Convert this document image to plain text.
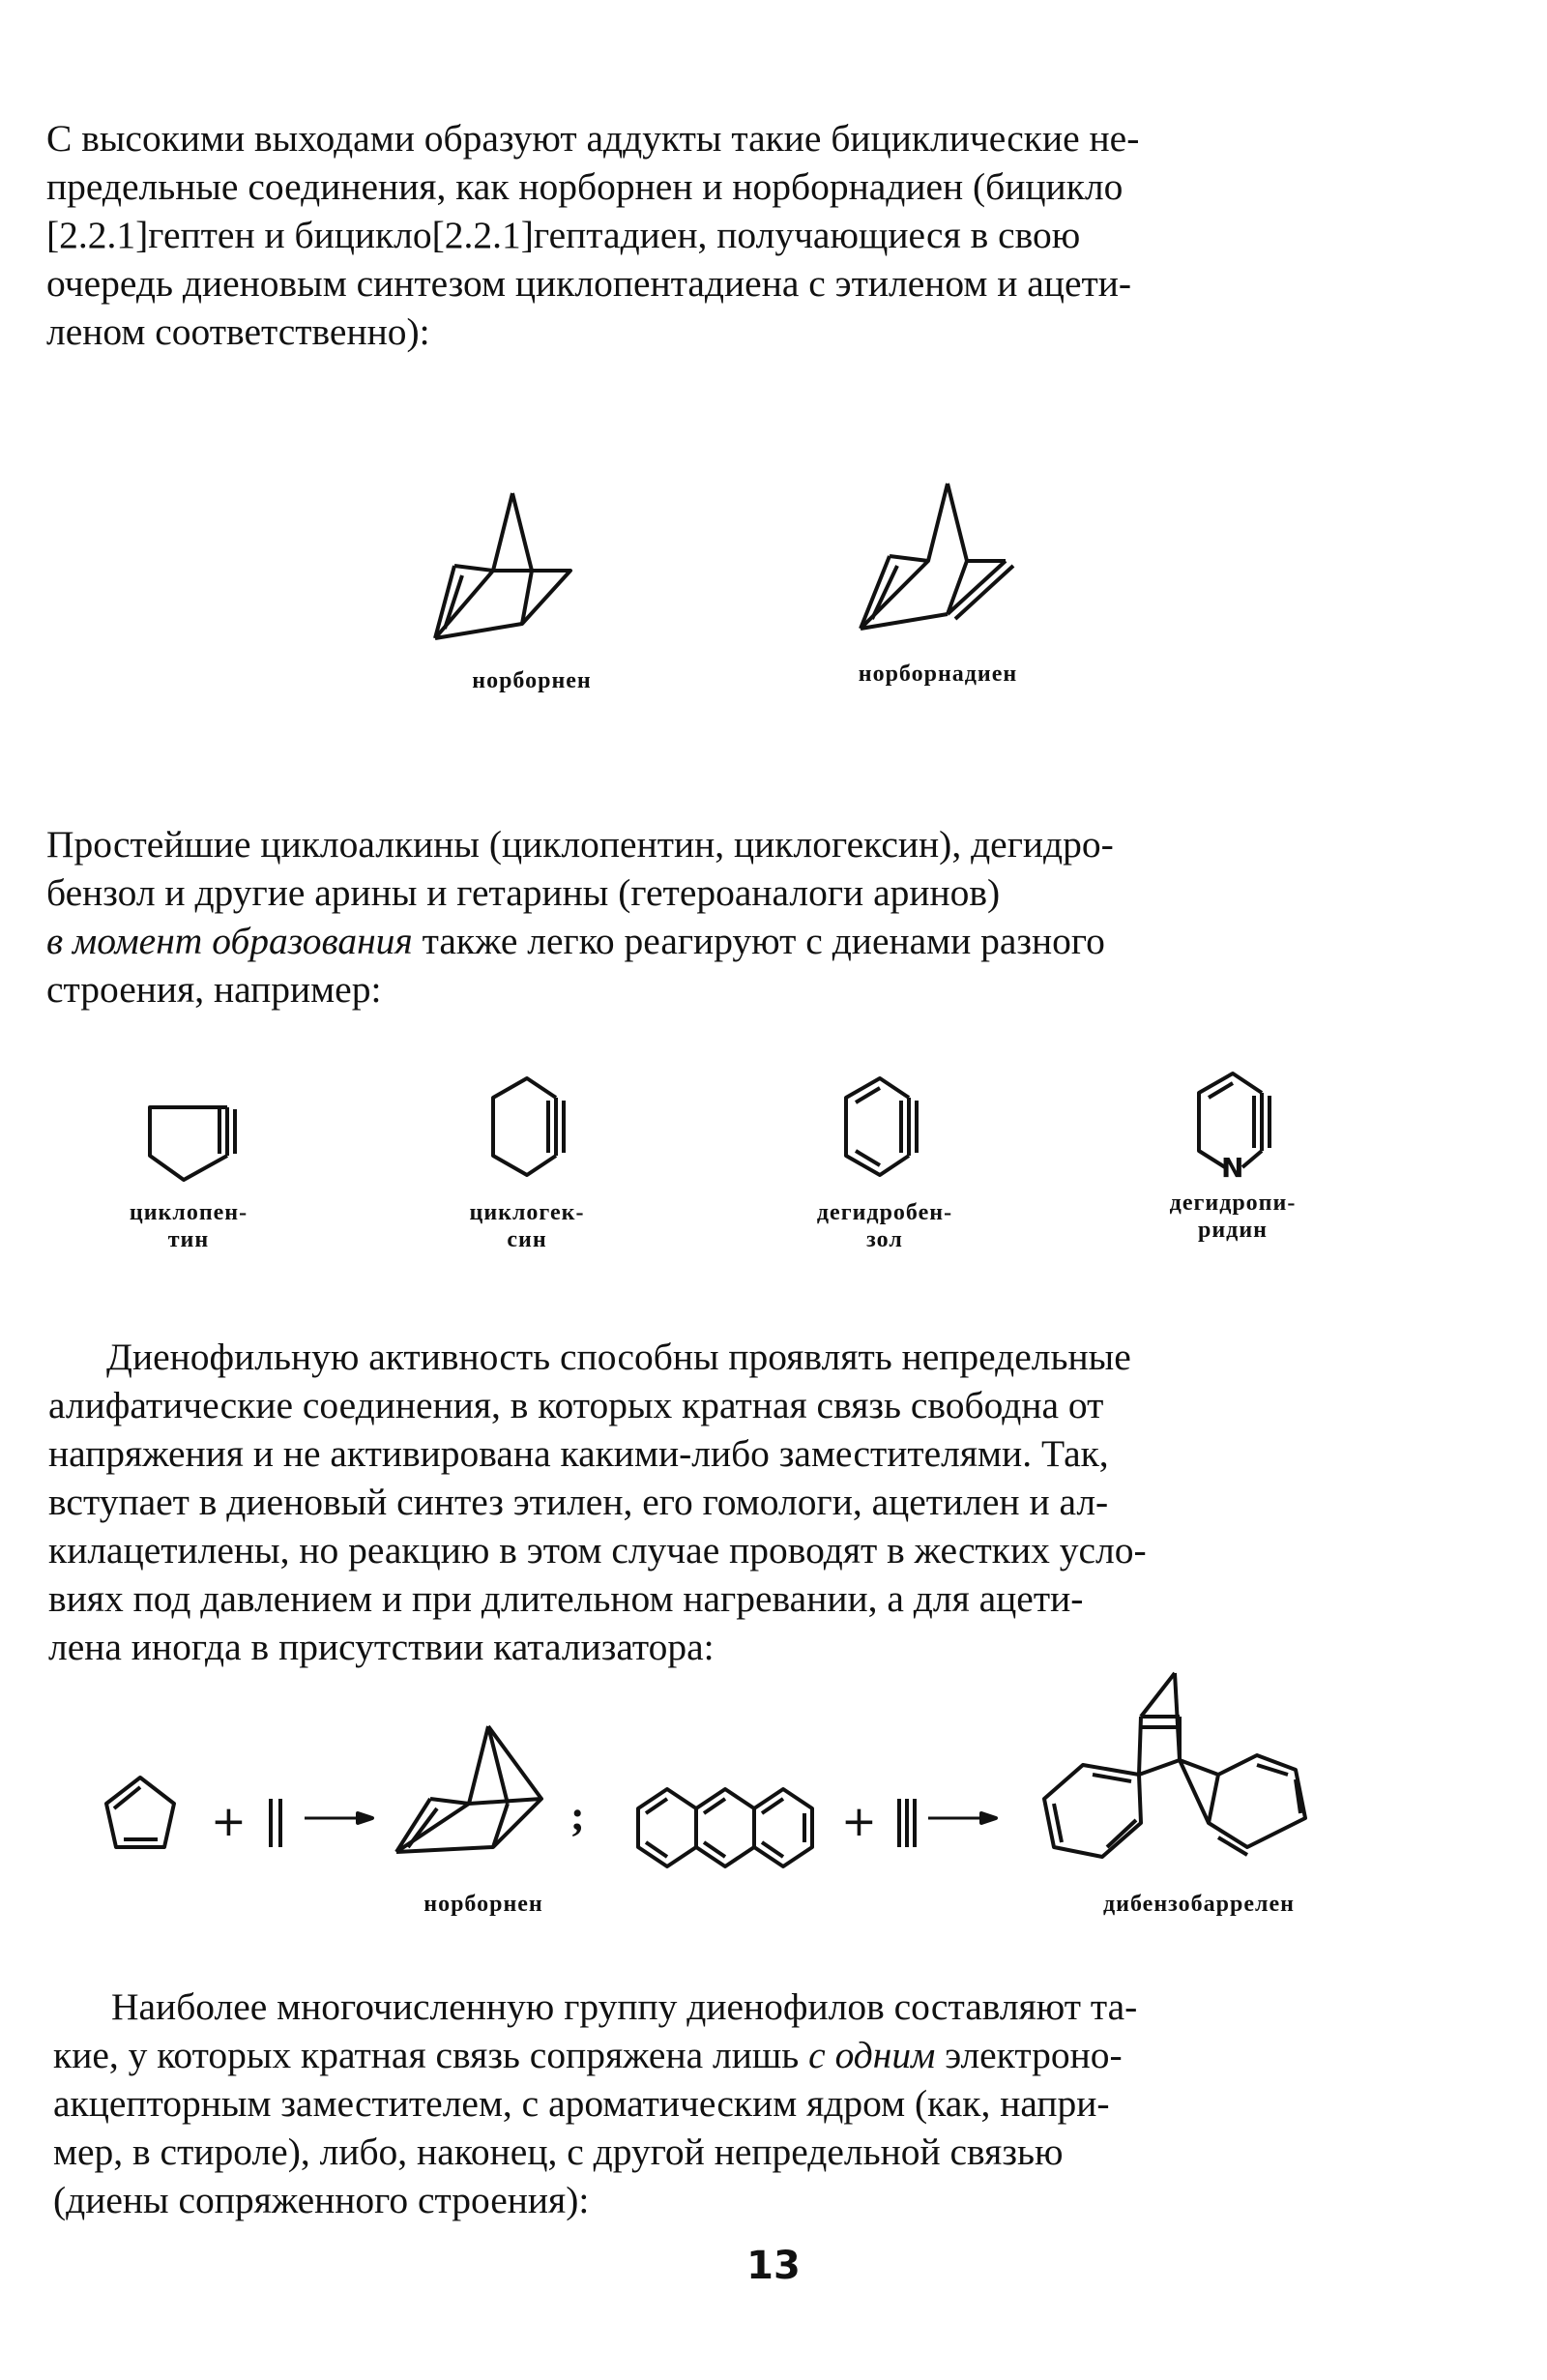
С высокими выходами образуют аддукты такие бициклические не-
предельные соединения, как норборнен и норборнадиен (бицикло
[2.2.1]гептен и бицикло[2.2.1]гептадиен, получающиеся в свою
очередь диеновым синтезом циклопентадиена с этиленом и ацети-
леном соответственно):
норборнен	норборнадиен
Простейшие циклоалкины (циклопентин, циклогексин), дегидро-
бензол и другие арины и гетарины (гетероаналоги аринов)
в момент образования также легко реагируют с диенами разного
строения, например:
циклопен-
тин
циклогек-
син
дегидробен-
зол
N
дегидропи-
ридин
Диенофильную активность способны проявлять непредельные
алифатические соединения, в которых кратная связь свободна от
напряжения и не активирована какими-либо заместителями. Так,
вступает в диеновый синтез этилен, его гомологи, ацетилен и ал-
килацетилены, но реакцию в этом случае проводят в жестких усло-
виях под давлением и при длительном нагревании, а для ацети-
лена иногда в присутствии катализатора:
+	;	+
норборнен	дибензобаррелен
Наиболее многочисленную группу диенофилов составляют та-
кие, у которых кратная связь сопряжена лишь с одним электроно-
акцепторным заместителем, с ароматическим ядром (как, напри-
мер, в стироле), либо, наконец, с другой непредельной связью
(диены сопряженного строения):
13
